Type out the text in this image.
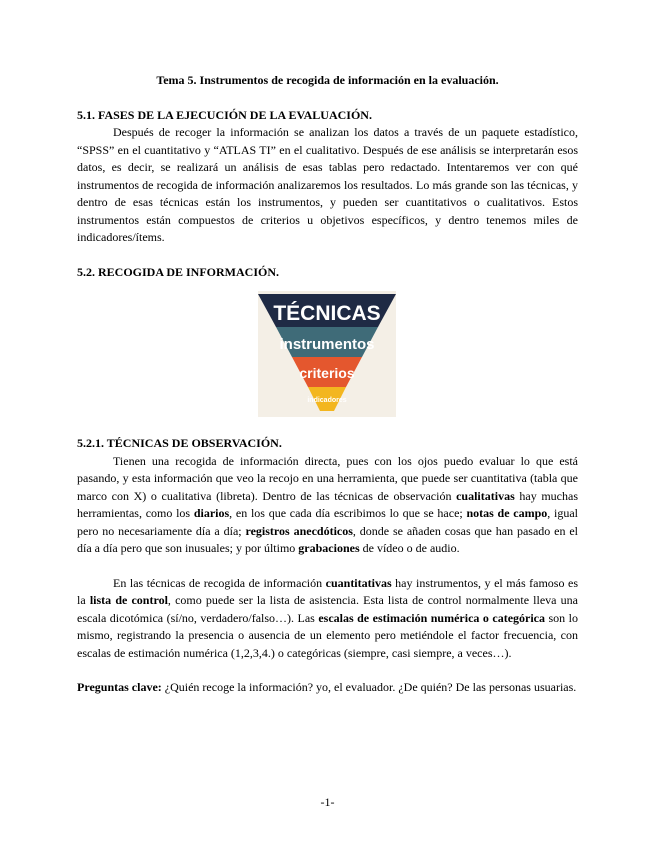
Tema 5. Instrumentos de recogida de información en la evaluación.

5.1. FASES DE LA EJECUCIÓN DE LA EVALUACIÓN.

Después de recoger la información se analizan los datos a través de un paquete estadístico, “SPSS” en el cuantitativo y “ATLAS TI” en el cualitativo. Después de ese análisis se interpretarán esos datos, es decir, se realizará un análisis de esas tablas pero redactado. Intentaremos ver con qué instrumentos de recogida de información analizaremos los resultados. Lo más grande son las técnicas, y dentro de esas técnicas están los instrumentos, y pueden ser cuantitativos o cualitativos. Estos instrumentos están compuestos de criterios u objetivos específicos, y dentro tenemos miles de indicadores/ítems.

5.2. RECOGIDA DE INFORMACIÓN.

TÉCNICAS
instrumentos
criterios
indicadores

5.2.1. TÉCNICAS DE OBSERVACIÓN.

Tienen una recogida de información directa, pues con los ojos puedo evaluar lo que está pasando, y esta información que veo la recojo en una herramienta, que puede ser cuantitativa (tabla que marco con X) o cualitativa (libreta). Dentro de las técnicas de observación cualitativas hay muchas herramientas, como los diarios, en los que cada día escribimos lo que se hace; notas de campo, igual pero no necesariamente día a día; registros anecdóticos, donde se añaden cosas que han pasado en el día a día pero que son inusuales; y por último grabaciones de vídeo o de audio.

En las técnicas de recogida de información cuantitativas hay instrumentos, y el más famoso es la lista de control, como puede ser la lista de asistencia. Esta lista de control normalmente lleva una escala dicotómica (sí/no, verdadero/falso…). Las escalas de estimación numérica o categórica son lo mismo, registrando la presencia o ausencia de un elemento pero metiéndole el factor frecuencia, con escalas de estimación numérica (1,2,3,4.) o categóricas (siempre, casi siempre, a veces…).

Preguntas clave: ¿Quién recoge la información? yo, el evaluador. ¿De quién? De las personas usuarias.

-1-
